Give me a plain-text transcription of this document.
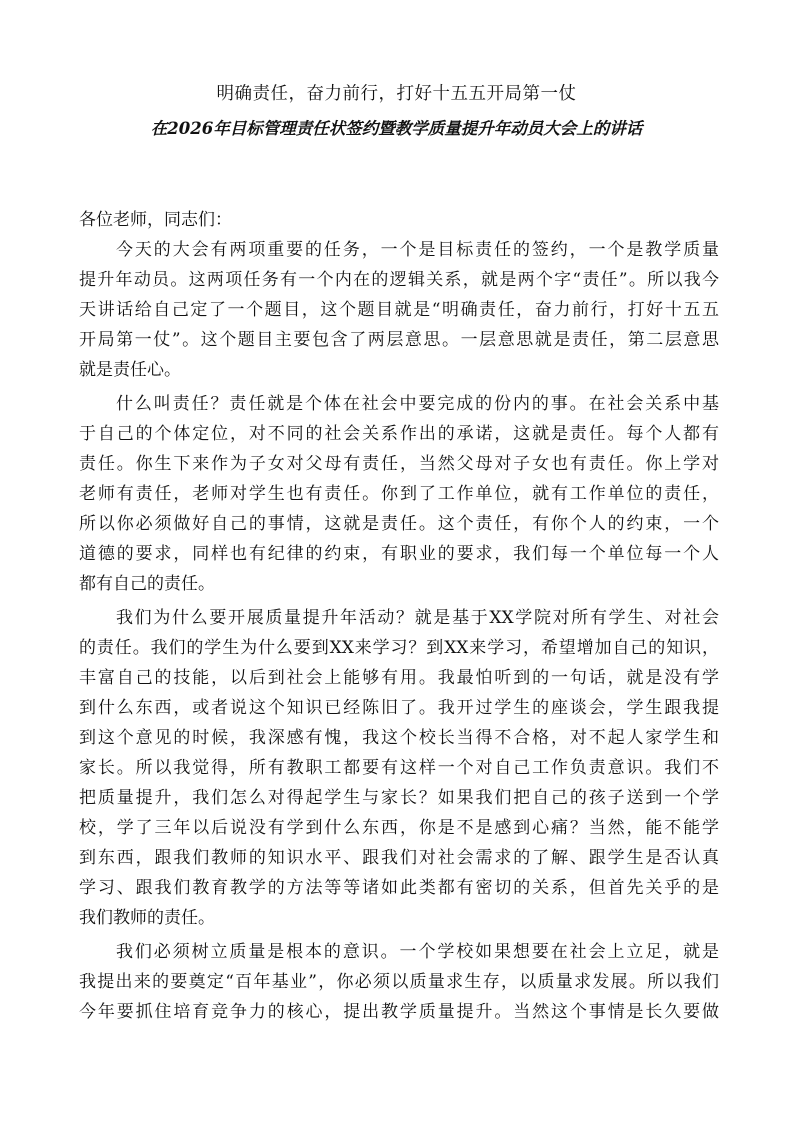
明确责任，奋力前行，打好十五五开局第一仗
在2026年目标管理责任状签约暨教学质量提升年动员大会上的讲话
各位老师，同志们：
今天的大会有两项重要的任务，一个是目标责任的签约，一个是教学质量
提升年动员。这两项任务有一个内在的逻辑关系，就是两个字“责任”。所以我今
天讲话给自己定了一个题目，这个题目就是“明确责任，奋力前行，打好十五五
开局第一仗”。这个题目主要包含了两层意思。一层意思就是责任，第二层意思
就是责任心。
什么叫责任？责任就是个体在社会中要完成的份内的事。在社会关系中基
于自己的个体定位，对不同的社会关系作出的承诺，这就是责任。每个人都有
责任。你生下来作为子女对父母有责任，当然父母对子女也有责任。你上学对
老师有责任，老师对学生也有责任。你到了工作单位，就有工作单位的责任，
所以你必须做好自己的事情，这就是责任。这个责任，有你个人的约束，一个
道德的要求，同样也有纪律的约束，有职业的要求，我们每一个单位每一个人
都有自己的责任。
我们为什么要开展质量提升年活动？就是基于XX学院对所有学生、对社会
的责任。我们的学生为什么要到XX来学习？到XX来学习，希望增加自己的知识，
丰富自己的技能，以后到社会上能够有用。我最怕听到的一句话，就是没有学
到什么东西，或者说这个知识已经陈旧了。我开过学生的座谈会，学生跟我提
到这个意见的时候，我深感有愧，我这个校长当得不合格，对不起人家学生和
家长。所以我觉得，所有教职工都要有这样一个对自己工作负责意识。我们不
把质量提升，我们怎么对得起学生与家长？如果我们把自己的孩子送到一个学
校，学了三年以后说没有学到什么东西，你是不是感到心痛？当然，能不能学
到东西，跟我们教师的知识水平、跟我们对社会需求的了解、跟学生是否认真
学习、跟我们教育教学的方法等等诸如此类都有密切的关系，但首先关乎的是
我们教师的责任。
我们必须树立质量是根本的意识。一个学校如果想要在社会上立足，就是
我提出来的要奠定“百年基业”，你必须以质量求生存，以质量求发展。所以我们
今年要抓住培育竞争力的核心，提出教学质量提升。当然这个事情是长久要做
